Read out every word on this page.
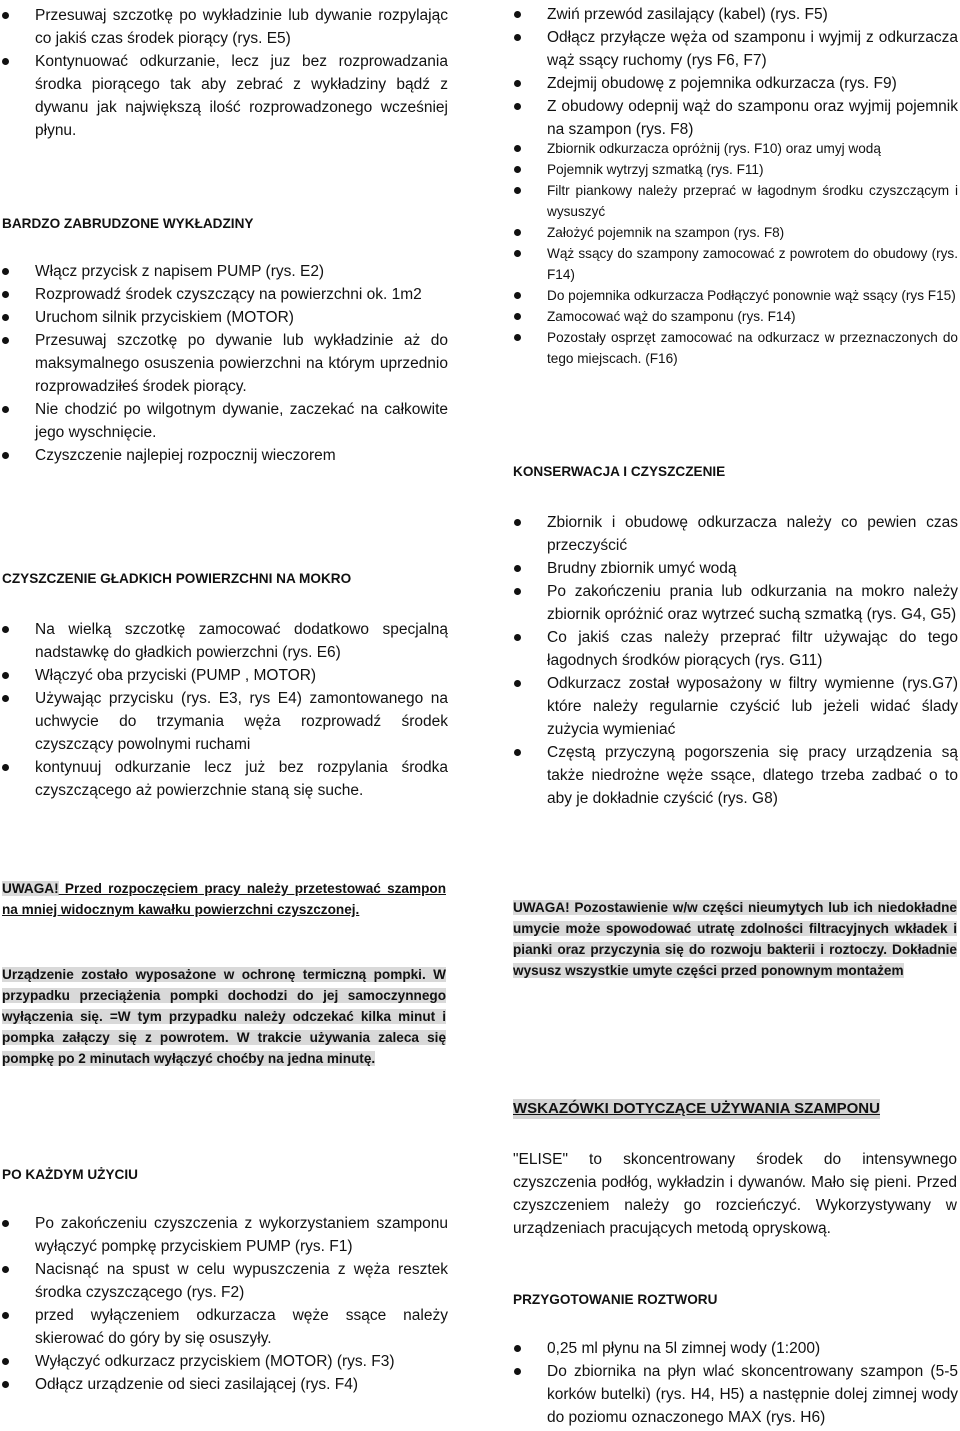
Przesuwaj szczotkę po wykładzinie lub dywanie rozpylając co jakiś czas środek piorący (rys. E5)
Kontynuować odkurzanie, lecz juz bez rozprowadzania środka piorącego tak aby zebrać z wykładziny bądź z dywanu jak największą ilość rozprowadzonego wcześniej płynu.
BARDZO ZABRUDZONE WYKŁADZINY
Włącz przycisk z napisem PUMP (rys. E2)
Rozprowadź środek czyszczący na powierzchni ok. 1m2
Uruchom silnik przyciskiem (MOTOR)
Przesuwaj szczotkę po dywanie lub wykładzinie aż do maksymalnego osuszenia powierzchni na którym uprzednio rozprowadziłeś środek piorący.
Nie chodzić po wilgotnym dywanie, zaczekać na całkowite jego wyschnięcie.
Czyszczenie najlepiej rozpocznij wieczorem
CZYSZCZENIE GŁADKICH POWIERZCHNI NA MOKRO
Na wielką szczotkę zamocować dodatkowo specjalną nadstawkę do gładkich powierzchni (rys. E6)
Włączyć oba przyciski (PUMP , MOTOR)
Używając przycisku (rys. E3, rys E4) zamontowanego na uchwycie do trzymania węża rozprowadź środek czyszczący powolnymi ruchami
kontynuuj odkurzanie lecz już bez rozpylania środka czyszczącego aż powierzchnie staną się suche.
UWAGA! Przed rozpoczęciem pracy należy przetestować szampon na mniej widocznym kawałku powierzchni czyszczonej.
Urządzenie zostało wyposażone w ochronę termiczną pompki. W przypadku przeciążenia pompki dochodzi do jej samoczynnego wyłączenia się. =W tym przypadku należy odczekać kilka minut i pompka załączy się z powrotem. W trakcie używania zaleca się pompkę po 2 minutach wyłączyć choćby na jedna minutę.
PO KAŻDYM UŻYCIU
Po zakończeniu czyszczenia z wykorzystaniem szamponu wyłączyć pompkę przyciskiem PUMP (rys. F1)
Nacisnąć na spust w celu wypuszczenia z węża resztek środka czyszczącego (rys. F2)
przed wyłączeniem odkurzacza węże ssące należy skierować do góry by się osuszyły.
Wyłączyć odkurzacz przyciskiem (MOTOR) (rys. F3)
Odłącz urządzenie od sieci zasilającej (rys. F4)
Zwiń przewód zasilający (kabel) (rys. F5)
Odłącz przyłącze węża od szamponu i wyjmij z odkurzacza wąż ssący ruchomy (rys F6, F7)
Zdejmij obudowę z pojemnika odkurzacza (rys. F9)
Z obudowy odepnij wąż do szamponu oraz wyjmij pojemnik na szampon (rys. F8)
Zbiornik odkurzacza opróżnij (rys. F10) oraz umyj wodą
Pojemnik wytrzyj szmatką (rys. F11)
Filtr piankowy należy przeprać w łagodnym środku czyszczącym i wysuszyć
Założyć pojemnik na szampon (rys. F8)
Wąż ssący do szampony zamocować z powrotem do obudowy (rys. F14)
Do pojemnika odkurzacza Podłączyć ponownie wąż ssący (rys F15)
Zamocować wąż do szamponu (rys. F14)
Pozostały osprzęt zamocować na odkurzacz w przeznaczonych do tego miejscach. (F16)
KONSERWACJA I CZYSZCZENIE
Zbiornik i obudowę odkurzacza należy co pewien czas przeczyścić
Brudny zbiornik umyć wodą
Po zakończeniu prania lub odkurzania na mokro należy zbiornik opróżnić oraz wytrzeć suchą szmatką (rys. G4, G5)
Co jakiś czas należy przeprać filtr używając do tego łagodnych środków piorących (rys. G11)
Odkurzacz został wyposażony w filtry wymienne (rys.G7) które należy regularnie czyścić lub jeżeli widać ślady zużycia wymieniać
Częstą przyczyną pogorszenia się pracy urządzenia są także niedrożne węże ssące, dlatego trzeba zadbać o to aby je dokładnie czyścić (rys. G8)
UWAGA! Pozostawienie w/w części nieumytych lub ich niedokładne umycie może spowodować utratę zdolności filtracyjnych wkładek i pianki oraz przyczynia się do rozwoju bakterii i roztoczy. Dokładnie wysusz wszystkie umyte części przed ponownym montażem
WSKAZÓWKI DOTYCZĄCE UŻYWANIA SZAMPONU
"ELISE" to skoncentrowany środek do intensywnego czyszczenia podłóg, wykładzin i dywanów. Mało się pieni. Przed czyszczeniem należy go rozcieńczyć. Wykorzystywany w urządzeniach pracujących metodą opryskową.
PRZYGOTOWANIE ROZTWORU
0,25 ml płynu na 5l zimnej wody (1:200)
Do zbiornika na płyn wlać skoncentrowany szampon (5-5 korków butelki) (rys. H4, H5) a następnie dolej zimnej wody do poziomu oznaczonego MAX (rys. H6)
